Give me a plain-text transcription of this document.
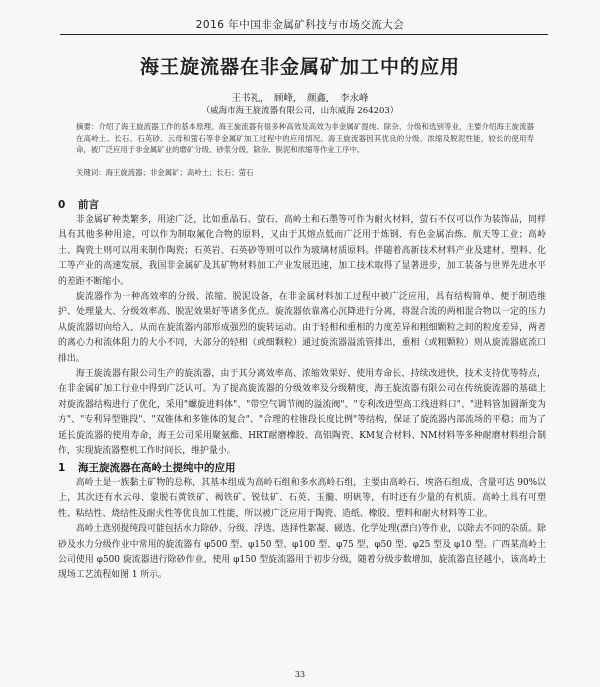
2016 年中国非金属矿科技与市场交流大会
海王旋流器在非金属矿加工中的应用
王书礼, 顾峰, 颜鑫, 李永峰
（威海市海王旋流器有限公司，山东威海 264203）

摘要：介绍了海王旋流器工作的基本原理。海王旋流器有很多种高效及高效为非金属矿提纯、除杂、分级和选别等业，主要介绍海王旋流器在高岭土、长石、石英砂、云母和萤石等非金属矿加工过程中的应用情况。海王旋流器因其优良的分级、浓缩及脱泥性能，较长的使用寿命，被广泛应用于非金属矿业的磨矿分级、砂浆分级、除杂、脱泥和浓缩等作业工序中。

关键词：海王旋流器；非金属矿；高岭土；长石；萤石
0 前言

非金属矿种类繁多，用途广泛，比如重晶石、萤石、高岭土和石墨等可作为耐火材料，萤石不仅可以作为装饰品，同样具有其他多种用途，可以作为制取氟化合物的原料，又由于其熔点低而广泛用于炼钢、有色金属冶炼、航天等工业；高岭土、陶瓷土则可以用来制作陶瓷；石英岩、石英砂等则可以作为玻璃材质原料。伴随着高新技术材料产业及建材、塑料、化工等产业的高速发展，我国非金属矿及其矿物材料加工产业发展迅速，加工技术取得了显著进步，加工装备与世界先进水平的差距不断缩小。

旋流器作为一种高效率的分级、浓缩、脱泥设备，在非金属材料加工过程中被广泛应用，具有结构简单、便于制造维护、处理量大、分级效率高、脱泥效果好等诸多优点。旋流器依靠离心沉降进行分离，将混合流的两相混合物以一定的压力从旋流器切向给入，从而在旋流器内部形成强烈的旋转运动。由于轻相和重相的力度差异和粗细颗粒之间的粒度差异，两者的离心力和流体阻力的大小不同，大部分的轻相（或细颗粒）通过旋流器溢流管排出，重相（或粗颗粒）则从旋流器底流口排出。

海王旋流器有限公司生产的旋流器，由于其分离效率高、浓缩效果好、使用寿命长、持续改进快，技术支持优等特点，在非金属矿加工行业中得到广泛认可。为了提高旋流器的分级效率及分级精度，海王旋流器有限公司在传统旋流器的基础上对旋流器结构进行了优化，采用"螺旋进料体"、"带空气调节阀的溢流阀"、"专利改进型高工线进料口"、"进料管加圆渐变为方"、"专利异型锥段"、"双锥体和多锥体的复合"、"合理的柱锥段长度比例"等结构，保证了旋流器内部流场的平稳；而为了延长旋流器的使用寿命，海王公司采用聚氨酯、HRT耐磨橡胶、高铝陶瓷、KM复合材料、NM材料等多种耐磨材料组合制作，实现旋流器整机工作时间长，维护量小。

1 海王旋流器在高岭土提纯中的应用

高岭土是一族黏土矿物的总称，其基本组成为高岭石组和多水高岭石组，主要由高岭石、埃洛石组成，含量可达 90%以上，其次还有水云母、蒙脱石黄铁矿、褐铁矿、锐钛矿、石英、玉髓、明矾等，有时还有少量的有机质。高岭土具有可塑性、粘结性、烧结性及耐火性等优良加工性能，所以被广泛应用于陶瓷、造纸、橡胶、塑料和耐火材料等工业。

高岭土选别提纯段可能包括水力除砂、分级、浮选、选择性絮凝、磁选、化学处理(漂白)等作业，以除去不同的杂质。除砂及水力分级作业中常用的旋流器有 φ500 型、φ150 型、φ100 型、φ75 型、φ50 型、φ25 型及 φ10 型。广西某高岭土公司使用 φ500 旋流器进行除砂作业，使用 φ150 型旋流器用于初步分级，随着分级步数增加，旋流器直径越小，该高岭土现场工艺流程如图 1 所示。

33
